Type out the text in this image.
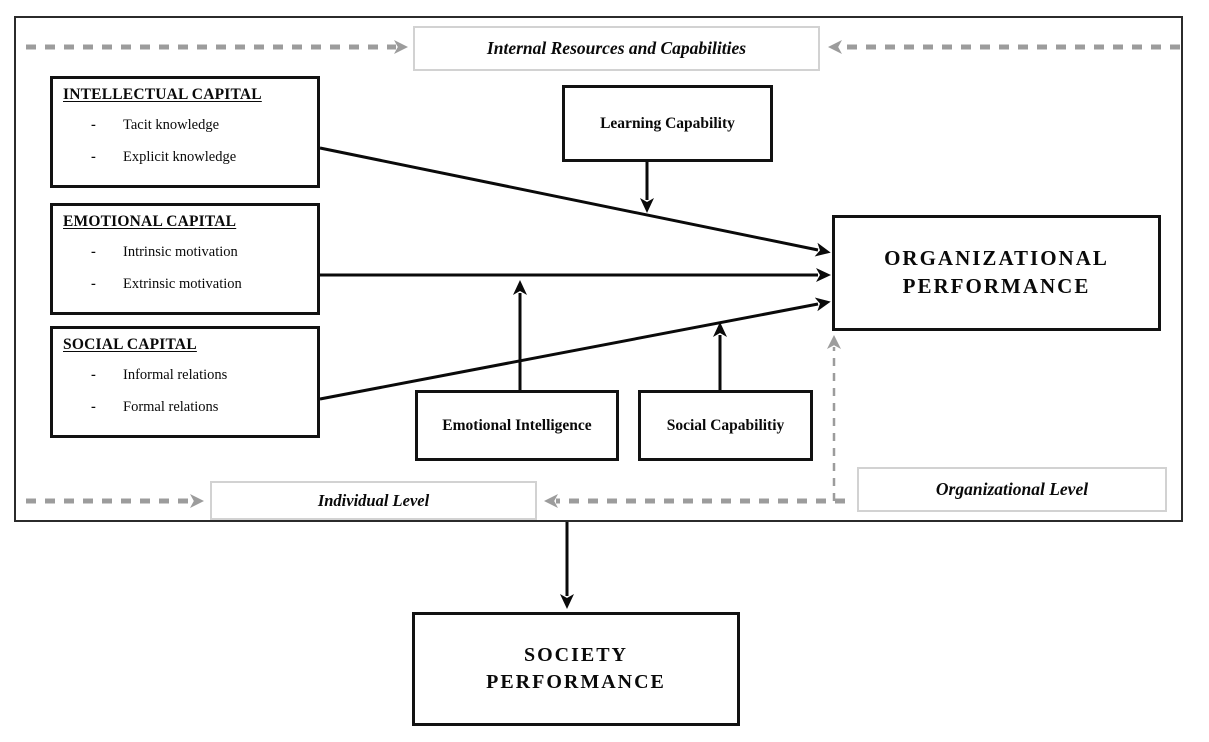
Internal Resources and Capabilities
INTELLECTUAL CAPITAL
- Tacit knowledge
- Explicit knowledge
EMOTIONAL CAPITAL
- Intrinsic motivation
- Extrinsic motivation
SOCIAL CAPITAL
- Informal relations
- Formal relations
Learning Capability
ORGANIZATIONAL
PERFORMANCE
Emotional Intelligence	Social Capabilitiy
Individual Level
Organizational Level
SOCIETY
PERFORMANCE
